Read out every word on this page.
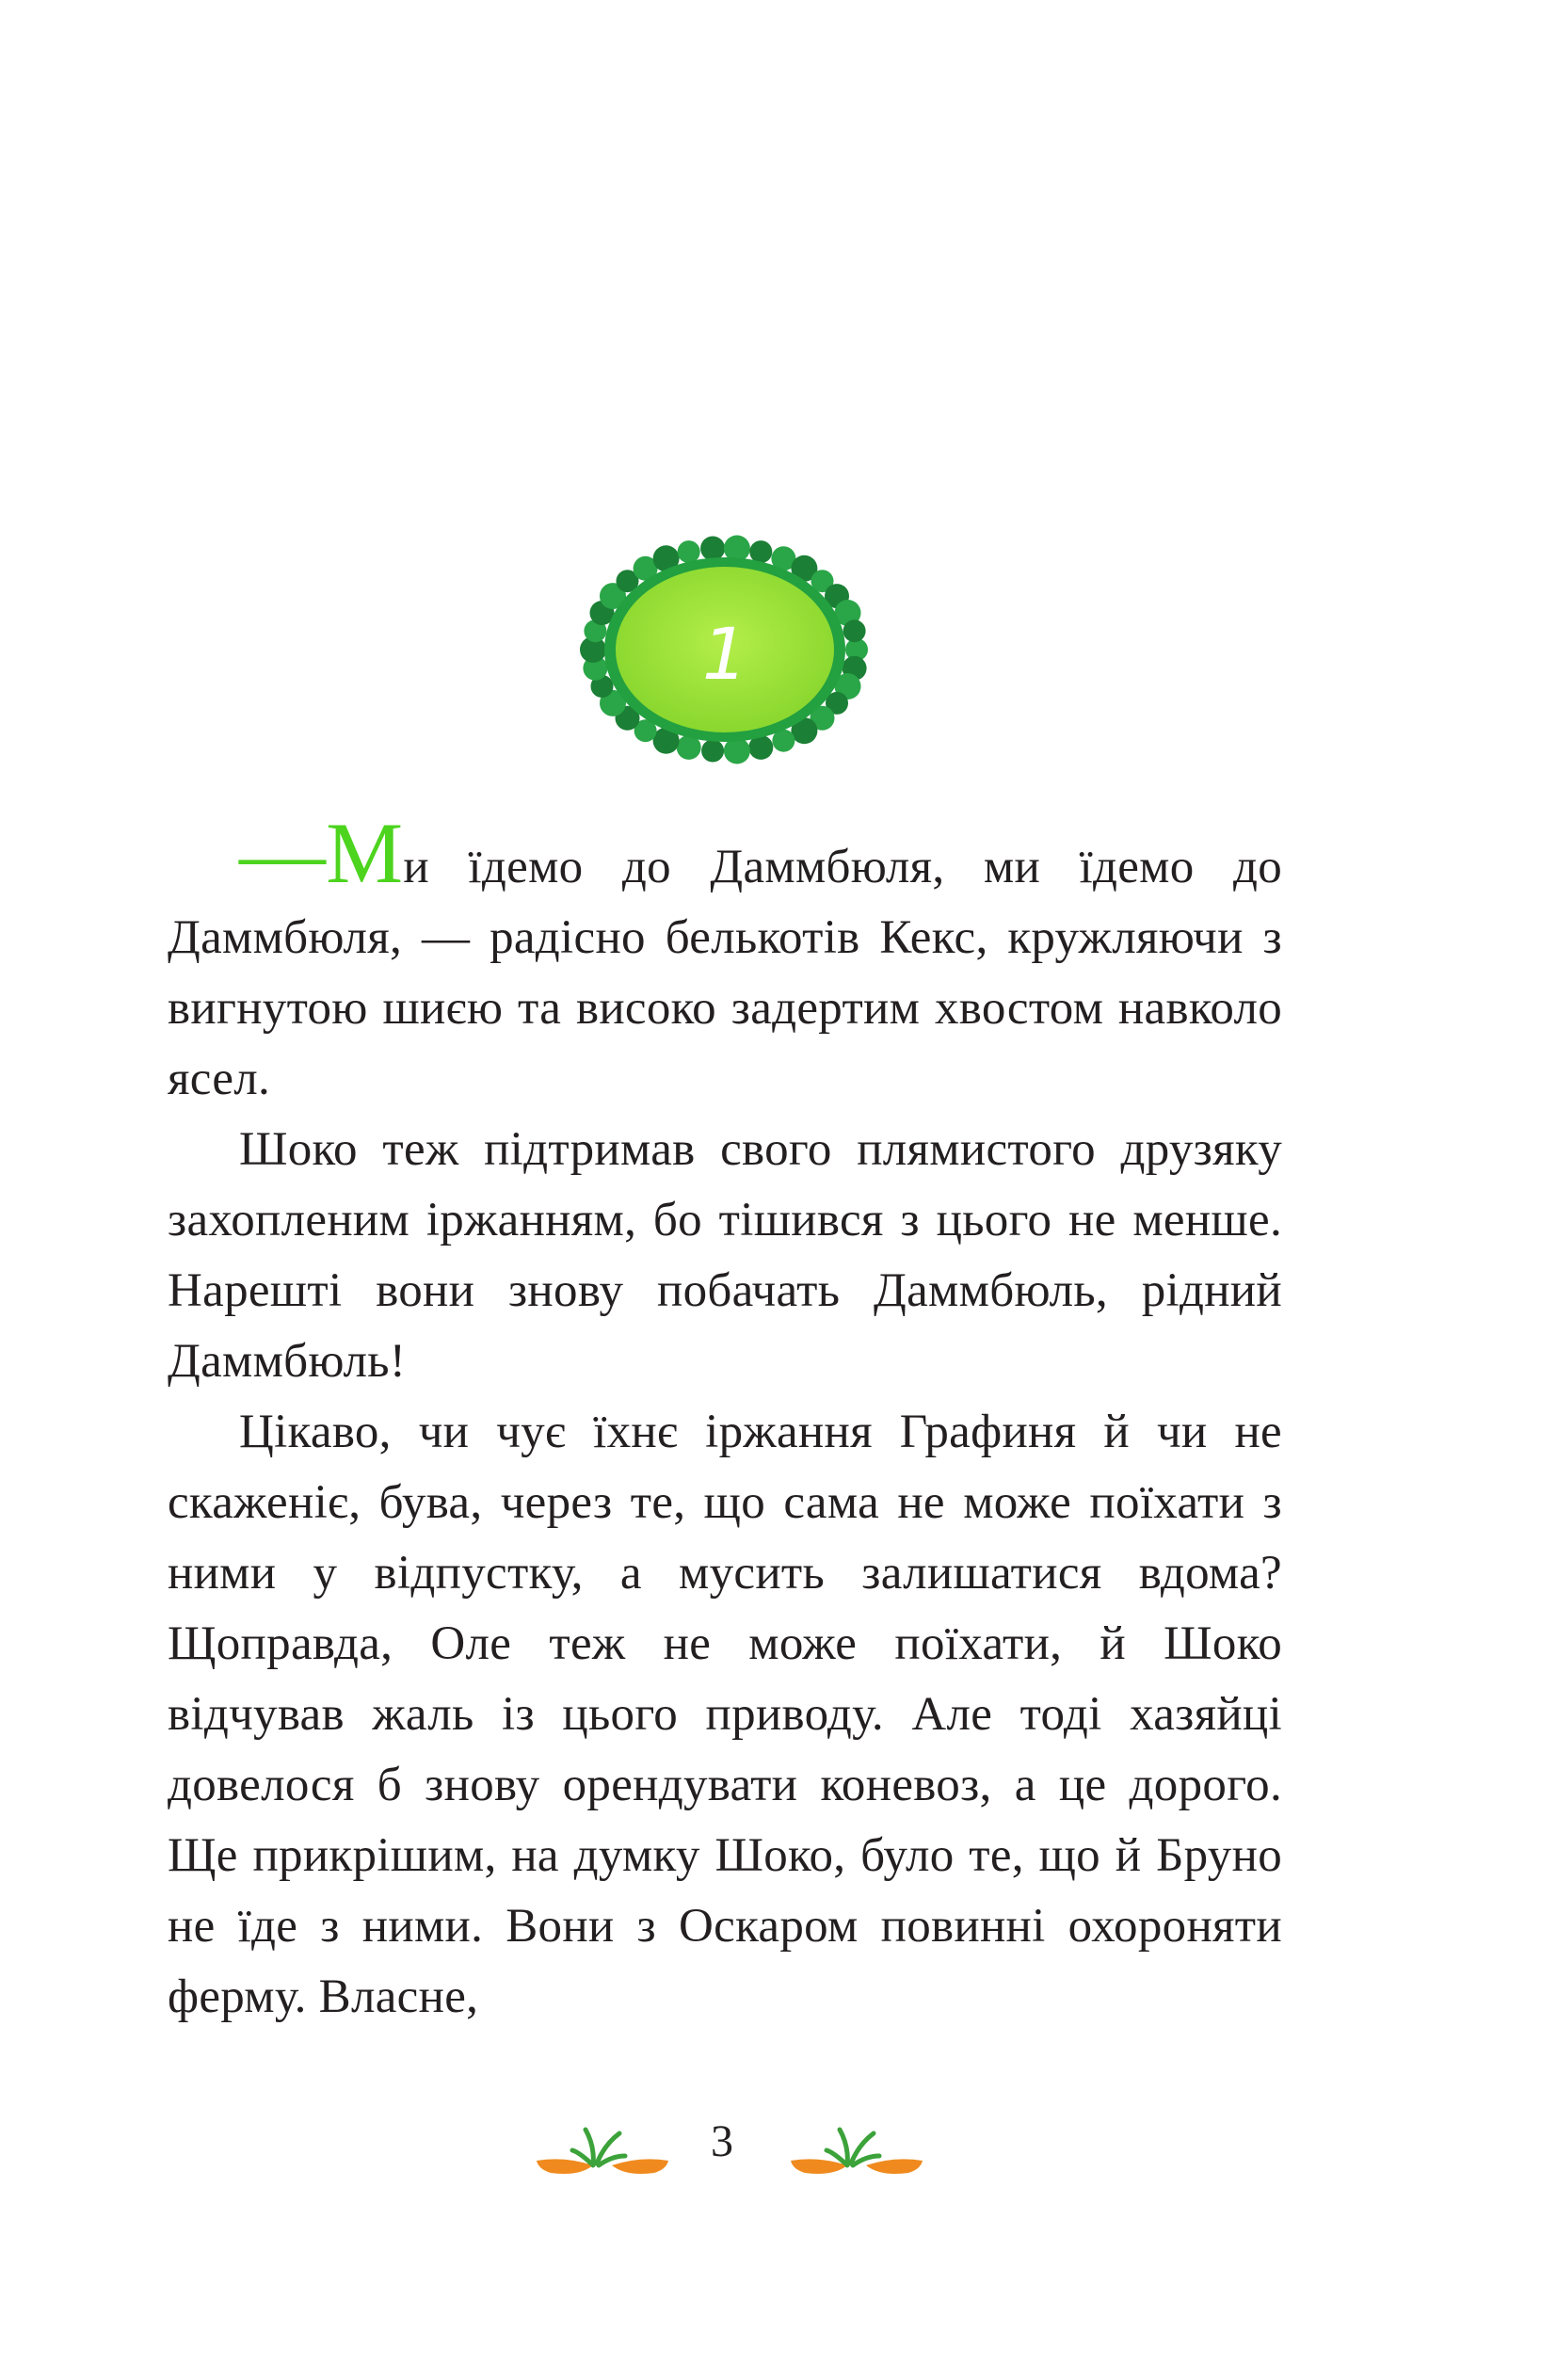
1

—Ми їдемо до Даммбюля, ми їдемо до Даммбюля, — радісно белькотів Кекс, кружляючи з вигнутою шиєю та високо задертим хвостом навколо ясел.

Шоко теж підтримав свого плямистого друзяку захопленим іржанням, бо тішився з цього не менше. Нарешті вони знову побачать Даммбюль, рідний Даммбюль!

Цікаво, чи чує їхнє іржання Графиня й чи не скаженіє, бува, через те, що сама не може поїхати з ними у відпустку, а мусить залишатися вдома? Щоправда, Оле теж не може поїхати, й Шоко відчував жаль із цього приводу. Але тоді хазяйці довелося б знову орендувати коневоз, а це дорого. Ще прикрішим, на думку Шоко, було те, що й Бруно не їде з ними. Вони з Оскаром повинні охороняти ферму. Власне,

3
